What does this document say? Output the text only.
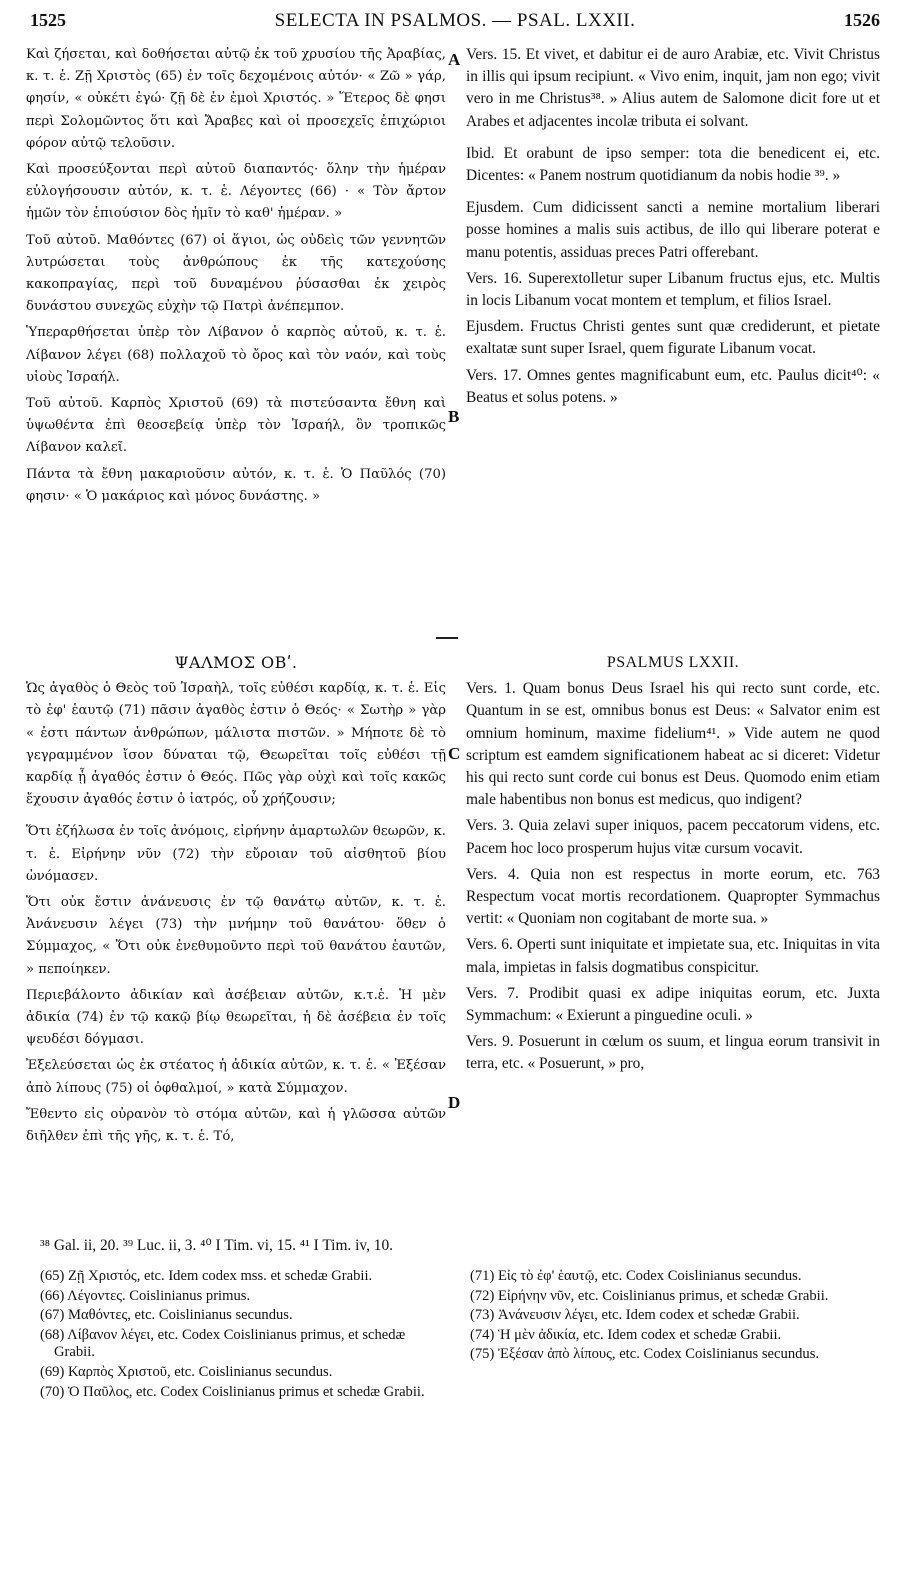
1525	SELECTA IN PSALMOS. — PSAL. LXXII.	1526
A
B
C
D

Καὶ ζήσεται, καὶ δοθήσεται αὐτῷ ἐκ τοῦ χρυσίου τῆς Ἀραβίας, κ. τ. ἑ. Ζῇ Χριστὸς (65) ἐν τοῖς δεχομένοις αὐτόν· « Ζῶ » γάρ, φησίν, « οὐκέτι ἐγώ· ζῇ δὲ ἐν ἐμοὶ Χριστός. » Ἕτερος δὲ φησι περὶ Σολομῶντος ὅτι καὶ Ἄραβες καὶ οἱ προσεχεῖς ἐπιχώριοι φόρον αὐτῷ τελοῦσιν.

Καὶ προσεύξονται περὶ αὐτοῦ διαπαντός· ὅλην τὴν ἡμέραν εὐλογήσουσιν αὐτόν, κ. τ. ἑ. Λέγοντες (66) · « Τὸν ἄρτον ἡμῶν τὸν ἐπιούσιον δὸς ἡμῖν τὸ καθ' ἡμέραν. »

Τοῦ αὐτοῦ. Μαθόντες (67) οἱ ἅγιοι, ὡς οὐδεὶς τῶν γεννητῶν λυτρώσεται τοὺς ἀνθρώπους ἐκ τῆς κατεχούσης κακοπραγίας, περὶ τοῦ δυναμένου ῥύσασθαι ἐκ χειρὸς δυνάστου συνεχῶς εὐχὴν τῷ Πατρὶ ἀνέπεμπον.

Ὑπεραρθήσεται ὑπὲρ τὸν Λίβανον ὁ καρπὸς αὐτοῦ, κ. τ. ἑ. Λίβανον λέγει (68) πολλαχοῦ τὸ ὄρος καὶ τὸν ναόν, καὶ τοὺς υἱοὺς Ἰσραήλ.

Τοῦ αὐτοῦ. Καρπὸς Χριστοῦ (69) τὰ πιστεύσαντα ἔθνη καὶ ὑψωθέντα ἐπὶ θεοσεβείᾳ ὑπὲρ τὸν Ἰσραήλ, ὃν τροπικῶς Λίβανον καλεῖ.

Πάντα τὰ ἔθνη μακαριοῦσιν αὐτόν, κ. τ. ἑ. Ὁ Παῦλός (70) φησιν· « Ὁ μακάριος καὶ μόνος δυνάστης. »

Vers. 15. Et vivet, et dabitur ei de auro Arabiæ, etc. Vivit Christus in illis qui ipsum recipiunt. « Vivo enim, inquit, jam non ego; vivit vero in me Christus³⁸. » Alius autem de Salomone dicit fore ut et Arabes et adjacentes incolæ tributa ei solvant.

Ibid. Et orabunt de ipso semper: tota die benedicent ei, etc. Dicentes: « Panem nostrum quotidianum da nobis hodie ³⁹. »

Ejusdem. Cum didicissent sancti a nemine mortalium liberari posse homines a malis suis actibus, de illo qui liberare poterat e manu potentis, assiduas preces Patri offerebant.

Vers. 16. Superextolletur super Libanum fructus ejus, etc. Multis in locis Libanum vocat montem et templum, et filios Israel.

Ejusdem. Fructus Christi gentes sunt quæ crediderunt, et pietate exaltatæ sunt super Israel, quem figurate Libanum vocat.

Vers. 17. Omnes gentes magnificabunt eum, etc. Paulus dicit⁴⁰: « Beatus et solus potens. »

ΨΑΛΜΟΣ ΟΒʹ.

Ὡς ἀγαθὸς ὁ Θεὸς τοῦ Ἰσραὴλ, τοῖς εὐθέσι καρδίᾳ, κ. τ. ἑ. Εἰς τὸ ἐφ' ἑαυτῷ (71) πᾶσιν ἀγαθὸς ἐστιν ὁ Θεός· « Σωτὴρ » γὰρ « ἐστι πάντων ἀνθρώπων, μάλιστα πιστῶν. » Μήποτε δὲ τὸ γεγραμμένον ἴσον δύναται τῷ, Θεωρεῖται τοῖς εὐθέσι τῇ καρδίᾳ ᾗ ἀγαθός ἐστιν ὁ Θεός. Πῶς γὰρ οὐχὶ καὶ τοῖς κακῶς ἔχουσιν ἀγαθός ἐστιν ὁ ἰατρός, οὗ χρήζουσιν;

Ὅτι ἐζήλωσα ἐν τοῖς ἀνόμοις, εἰρήνην ἁμαρτωλῶν θεωρῶν, κ. τ. ἑ. Εἰρήνην νῦν (72) τὴν εὔροιαν τοῦ αἰσθητοῦ βίου ὠνόμασεν.

Ὅτι οὐκ ἔστιν ἀνάνευσις ἐν τῷ θανάτῳ αὐτῶν, κ. τ. ἑ. Ἀνάνευσιν λέγει (73) τὴν μνήμην τοῦ θανάτου· ὅθεν ὁ Σύμμαχος, « Ὅτι οὐκ ἐνεθυμοῦντο περὶ τοῦ θανάτου ἑαυτῶν, » πεποίηκεν.

Περιεβάλοντο ἀδικίαν καὶ ἀσέβειαν αὐτῶν, κ.τ.ἑ. Ἡ μὲν ἀδικία (74) ἐν τῷ κακῷ βίῳ θεωρεῖται, ἡ δὲ ἀσέβεια ἐν τοῖς ψευδέσι δόγμασι.

Ἐξελεύσεται ὡς ἐκ στέατος ἡ ἀδικία αὐτῶν, κ. τ. ἑ. « Ἐξέσαν ἀπὸ λίπους (75) οἱ ὀφθαλμοί, » κατὰ Σύμμαχον.

Ἔθεντο εἰς οὐρανὸν τὸ στόμα αὐτῶν, καὶ ἡ γλῶσσα αὐτῶν διῆλθεν ἐπὶ τῆς γῆς, κ. τ. ἑ. Τό,

PSALMUS LXXII.

Vers. 1. Quam bonus Deus Israel his qui recto sunt corde, etc. Quantum in se est, omnibus bonus est Deus: « Salvator enim est omnium hominum, maxime fidelium⁴¹. » Vide autem ne quod scriptum est eamdem significationem habeat ac si diceret: Videtur his qui recto sunt corde cui bonus est Deus. Quomodo enim etiam male habentibus non bonus est medicus, quo indigent?

Vers. 3. Quia zelavi super iniquos, pacem peccatorum videns, etc. Pacem hoc loco prosperum hujus vitæ cursum vocavit.

Vers. 4. Quia non est respectus in morte eorum, etc. 763 Respectum vocat mortis recordationem. Quapropter Symmachus vertit: « Quoniam non cogitabant de morte sua. »

Vers. 6. Operti sunt iniquitate et impietate sua, etc. Iniquitas in vita mala, impietas in falsis dogmatibus conspicitur.

Vers. 7. Prodibit quasi ex adipe iniquitas eorum, etc. Juxta Symmachum: « Exierunt a pinguedine oculi. »

Vers. 9. Posuerunt in cœlum os suum, et lingua eorum transivit in terra, etc. « Posuerunt, » pro,

³⁸ Gal. ii, 20. ³⁹ Luc. ii, 3. ⁴⁰ I Tim. vi, 15. ⁴¹ I Tim. iv, 10.

(65) Ζῇ Χριστός, etc. Idem codex mss. et schedæ Grabii.

(66) Λέγοντες. Coislinianus primus.

(67) Μαθόντες, etc. Coislinianus secundus.

(68) Λίβανον λέγει, etc. Codex Coislinianus primus, et schedæ Grabii.

(69) Καρπὸς Χριστοῦ, etc. Coislinianus secundus.

(70) Ὁ Παῦλος, etc. Codex Coislinianus primus et schedæ Grabii.

(71) Εἰς τὸ ἐφ' ἑαυτῷ, etc. Codex Coislinianus secundus.

(72) Εἰρήνην νῦν, etc. Coislinianus primus, et schedæ Grabii.

(73) Ἀνάνευσιν λέγει, etc. Idem codex et schedæ Grabii.

(74) Ἡ μὲν ἀδικία, etc. Idem codex et schedæ Grabii.

(75) Ἐξέσαν ἀπὸ λίπους, etc. Codex Coislinianus secundus.
